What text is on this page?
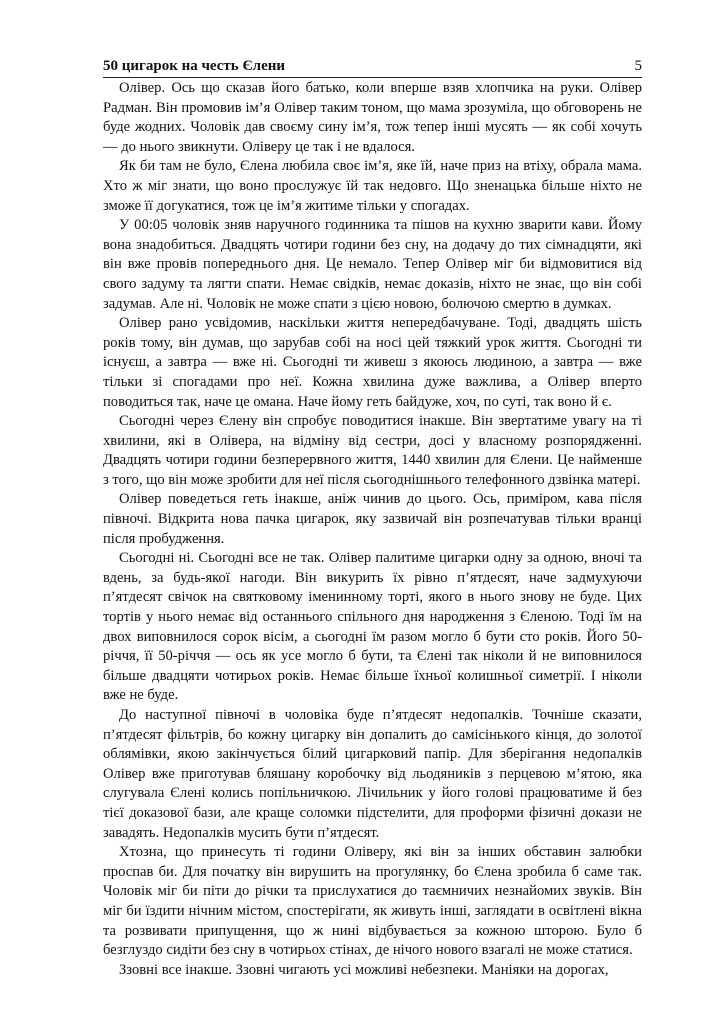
50 цигарок на честь Єлени	5

Олівер. Ось що сказав його батько, коли вперше взяв хлопчика на руки. Олівер Радман. Він промовив ім’я Олівер таким тоном, що мама зрозуміла, що обговорень не буде жодних. Чоловік дав своєму сину ім’я, тож тепер інші мусять — як собі хочуть — до нього звикнути. Оліверу це так і не вдалося.

Як би там не було, Єлена любила своє ім’я, яке їй, наче приз на втіху, обрала мама. Хто ж міг знати, що воно прослужує їй так недовго. Що зненацька більше ніхто не зможе її догукатися, тож це ім’я житиме тільки у спогадах.

У 00:05 чоловік зняв наручного годинника та пішов на кухню зварити кави. Йому вона знадобиться. Двадцять чотири години без сну, на додачу до тих сімнадцяти, які він вже провів попереднього дня. Це немало. Тепер Олівер міг би відмовитися від свого задуму та лягти спати. Немає свідків, немає доказів, ніхто не знає, що він собі задумав. Але ні. Чоловік не може спати з цією новою, болючою смертю в думках.

Олівер рано усвідомив, наскільки життя непередбачуване. Тоді, двадцять шість років тому, він думав, що зарубав собі на носі цей тяжкий урок життя. Сьогодні ти існуєш, а завтра — вже ні. Сьогодні ти живеш з якоюсь людиною, а завтра — вже тільки зі спогадами про неї. Кожна хвилина дуже важлива, а Олівер вперто поводиться так, наче це омана. Наче йому геть байдуже, хоч, по суті, так воно й є.

Сьогодні через Єлену він спробує поводитися інакше. Він звертатиме увагу на ті хвилини, які в Олівера, на відміну від сестри, досі у власному розпорядженні. Двадцять чотири години безперервного життя, 1440 хвилин для Єлени. Це найменше з того, що він може зробити для неї після сьогоднішнього телефонного дзвінка матері.

Олівер поведеться геть інакше, аніж чинив до цього. Ось, приміром, кава після півночі. Відкрита нова пачка цигарок, яку зазвичай він розпечатував тільки вранці після пробудження.

Сьогодні ні. Сьогодні все не так. Олівер палитиме цигарки одну за одною, вночі та вдень, за будь-якої нагоди. Він викурить їх рівно п’ятдесят, наче задмухуючи п’ятдесят свічок на святковому іменинному торті, якого в нього знову не буде. Цих тортів у нього немає від останнього спільного дня народження з Єленою. Тоді їм на двох виповнилося сорок вісім, а сьогодні їм разом могло б бути сто років. Його 50-річчя, її 50-річчя — ось як усе могло б бути, та Єлені так ніколи й не виповнилося більше двадцяти чотирьох років. Немає більше їхньої колишньої симетрії. І ніколи вже не буде.

До наступної півночі в чоловіка буде п’ятдесят недопалків. Точніше сказати, п’ятдесят фільтрів, бо кожну цигарку він допалить до самісінького кінця, до золотої облямівки, якою закінчується білий цигарковий папір. Для зберігання недопалків Олівер вже приготував бляшану коробочку від льодяників з перцевою м’ятою, яка слугувала Єлені колись попільничкою. Лічильник у його голові працюватиме й без тієї доказової бази, але краще соломки підстелити, для проформи фізичні докази не завадять. Недопалків мусить бути п’ятдесят.

Хтозна, що принесуть ті години Оліверу, які він за інших обставин залюбки проспав би. Для початку він вирушить на прогулянку, бо Єлена зробила б саме так. Чоловік міг би піти до річки та прислухатися до таємничих незнайомих звуків. Він міг би їздити нічним містом, спостерігати, як живуть інші, заглядати в освітлені вікна та розвивати припущення, що ж нині відбувається за кожною шторою. Було б безглуздо сидіти без сну в чотирьох стінах, де нічого нового взагалі не може статися.

Ззовні все інакше. Ззовні чигають усі можливі небезпеки. Маніяки на дорогах,
